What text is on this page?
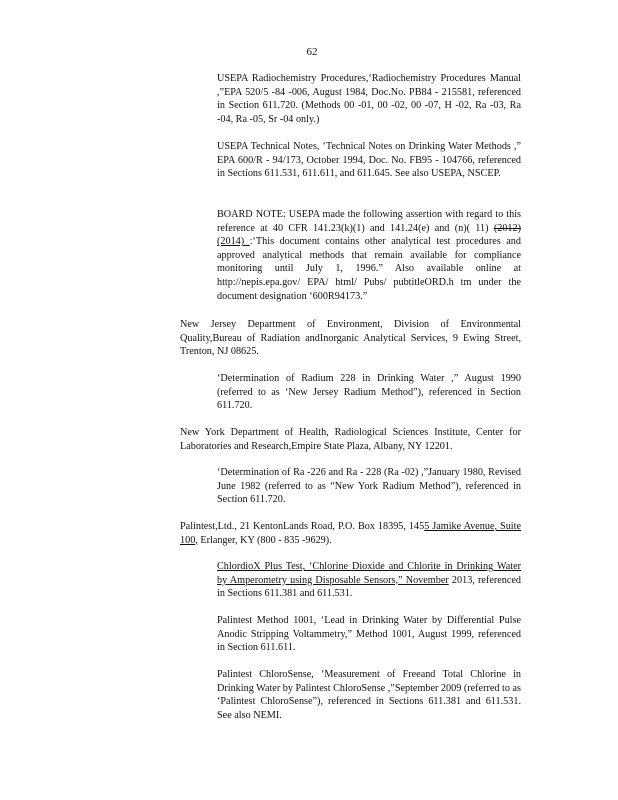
62

USEPA Radiochemistry Procedures,‘Radiochemistry Procedures Manual ,”EPA 520/5 -84 -006, August 1984, Doc.No. PB84 - 215581, referenced in Section 611.720. (Methods 00 -01, 00 -02, 00 -07, H -02, Ra -03, Ra -04, Ra -05, Sr -04 only.)

USEPA Technical Notes, ‘Technical Notes on Drinking Water Methods ,” EPA 600/R - 94/173, October 1994, Doc. No. FB95 - 104766, referenced in Sections 611.531, 611.611, and 611.645. See also USEPA, NSCEP.

BOARD NOTE: USEPA made the following assertion with regard to this reference at 40 CFR 141.23(k)(1) and 141.24(e) and (n)( 11) (2012) (2014) :‘This document contains other analytical test procedures and approved analytical methods that remain available for compliance monitoring until July 1, 1996.” Also available online at http://nepis.epa.gov/ EPA/ html/ Pubs/ pubtitleORD.h tm under the document designation ‘600R94173.”

New Jersey Department of Environment, Division of Environmental Quality,Bureau of Radiation andInorganic Analytical Services, 9 Ewing Street, Trenton, NJ 08625.

‘Determination of Radium 228 in Drinking Water ,” August 1990 (referred to as ‘New Jersey Radium Method”), referenced in Section 611.720.

New York Department of Health, Radiological Sciences Institute, Center for Laboratories and Research,Empire State Plaza, Albany, NY 12201.

‘Determination of Ra -226 and Ra - 228 (Ra -02) ,”January 1980, Revised June 1982 (referred to as “New York Radium Method”), referenced in Section 611.720.

Palintest,Ltd., 21 KentonLands Road, P.O. Box 18395, 1455 Jamike Avenue, Suite 100, Erlanger, KY (800 - 835 -9629).

ChlordioX Plus Test, ‘Chlorine Dioxide and Chlorite in Drinking Water by Amperometry using Disposable Sensors,” November 2013, referenced in Sections 611.381 and 611.531.

Palintest Method 1001, ‘Lead in Drinking Water by Differential Pulse Anodic Stripping Voltammetry,” Method 1001, August 1999, referenced in Section 611.611.

Palintest ChloroSense, ‘Measurement of Freeand Total Chlorine in Drinking Water by Palintest ChloroSense ,”September 2009 (referred to as ‘Palintest ChloroSense”), referenced in Sections 611.381 and 611.531. See also NEMI.
